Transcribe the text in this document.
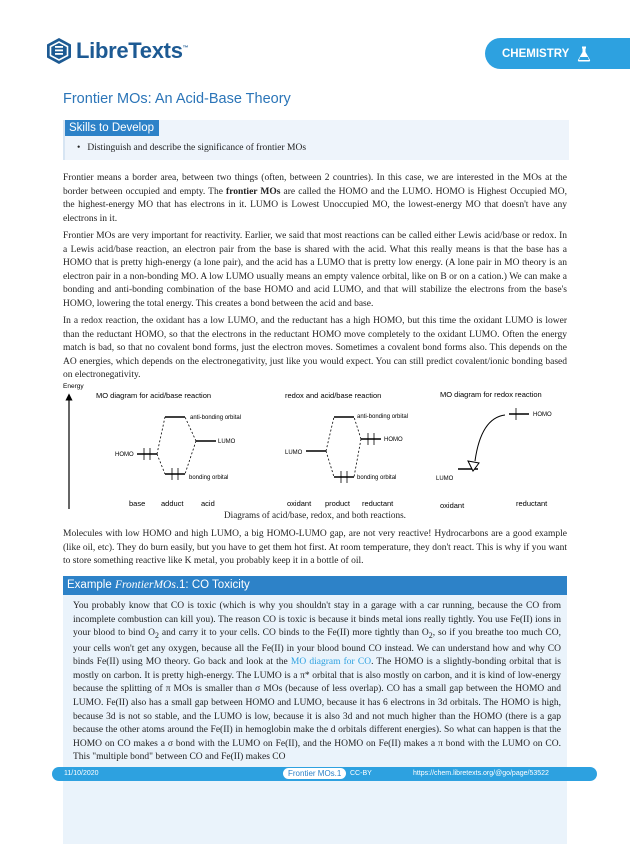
LibreTexts™	CHEMISTRY
Frontier MOs: An Acid-Base Theory
Skills to Develop
• Distinguish and describe the significance of frontier MOs

Frontier means a border area, between two things (often, between 2 countries). In this case, we are interested in the MOs at the border between occupied and empty. The frontier MOs are called the HOMO and the LUMO. HOMO is Highest Occupied MO, the highest-energy MO that has electrons in it. LUMO is Lowest Unoccupied MO, the lowest-energy MO that doesn't have any electrons in it.

Frontier MOs are very important for reactivity. Earlier, we said that most reactions can be called either Lewis acid/base or redox. In a Lewis acid/base reaction, an electron pair from the base is shared with the acid. What this really means is that the base has a HOMO that is pretty high-energy (a lone pair), and the acid has a LUMO that is pretty low energy. (A lone pair in MO theory is an electron pair in a non-bonding MO. A low LUMO usually means an empty valence orbital, like on B or on a cation.) We can make a bonding and anti-bonding combination of the base HOMO and acid LUMO, and that will stabilize the electrons from the base's HOMO, lowering the total energy. This creates a bond between the acid and base.

In a redox reaction, the oxidant has a low LUMO, and the reductant has a high HOMO, but this time the oxidant LUMO is lower than the reductant HOMO, so that the electrons in the reductant HOMO move completely to the oxidant LUMO. Often the energy match is bad, so that no covalent bond forms, just the electron moves. Sometimes a covalent bond forms also. This depends on the AO energies, which depends on the electronegativity, just like you would expect. You can still predict covalent/ionic bonding based on electronegativity.

Energy
MO diagram for acid/base reaction
anti-bonding orbital
LUMO
HOMO
bonding orbital
base adduct acid
redox and acid/base reaction
anti-bonding orbital
HOMO
LUMO
bonding orbital
oxidant product reductant
MO diagram for redox reaction
HOMO
LUMO
oxidant	reductant
Diagrams of acid/base, redox, and both reactions.

Molecules with low HOMO and high LUMO, a big HOMO-LUMO gap, are not very reactive! Hydrocarbons are a good example (like oil, etc). They do burn easily, but you have to get them hot first. At room temperature, they don't react. This is why if you want to store something reactive like K metal, you probably keep it in a bottle of oil.

Example FrontierMOs.1: CO Toxicity

You probably know that CO is toxic (which is why you shouldn't stay in a garage with a car running, because the CO from incomplete combustion can kill you). The reason CO is toxic is because it binds metal ions really tightly. You use Fe(II) ions in your blood to bind $O_2$ and carry it to your cells. CO binds to the Fe(II) more tightly than $O_2$, so if you breathe too much CO, your cells won't get any oxygen, because all the Fe(II) in your blood bound CO instead. We can understand how and why CO binds Fe(II) using MO theory. Go back and look at the MO diagram for CO. The HOMO is a slightly-bonding orbital that is mostly on carbon. It is pretty high-energy. The LUMO is a π* orbital that is also mostly on carbon, and it is kind of low-energy because the splitting of π MOs is smaller than σ MOs (because of less overlap). CO has a small gap between the HOMO and LUMO. Fe(II) also has a small gap between HOMO and LUMO, because it has 6 electrons in 3d orbitals. The HOMO is high, because 3d is not so stable, and the LUMO is low, because it is also 3d and not much higher than the HOMO (there is a gap because the other atoms around the Fe(II) in hemoglobin make the d orbitals different energies). So what can happen is that the HOMO on CO makes a σ bond with the LUMO on Fe(II), and the HOMO on Fe(II) makes a π bond with the LUMO on CO. This "multiple bond" between CO and Fe(II) makes CO

11/10/2020	Frontier MOs.1	CC-BY	https://chem.libretexts.org/@go/page/53522
